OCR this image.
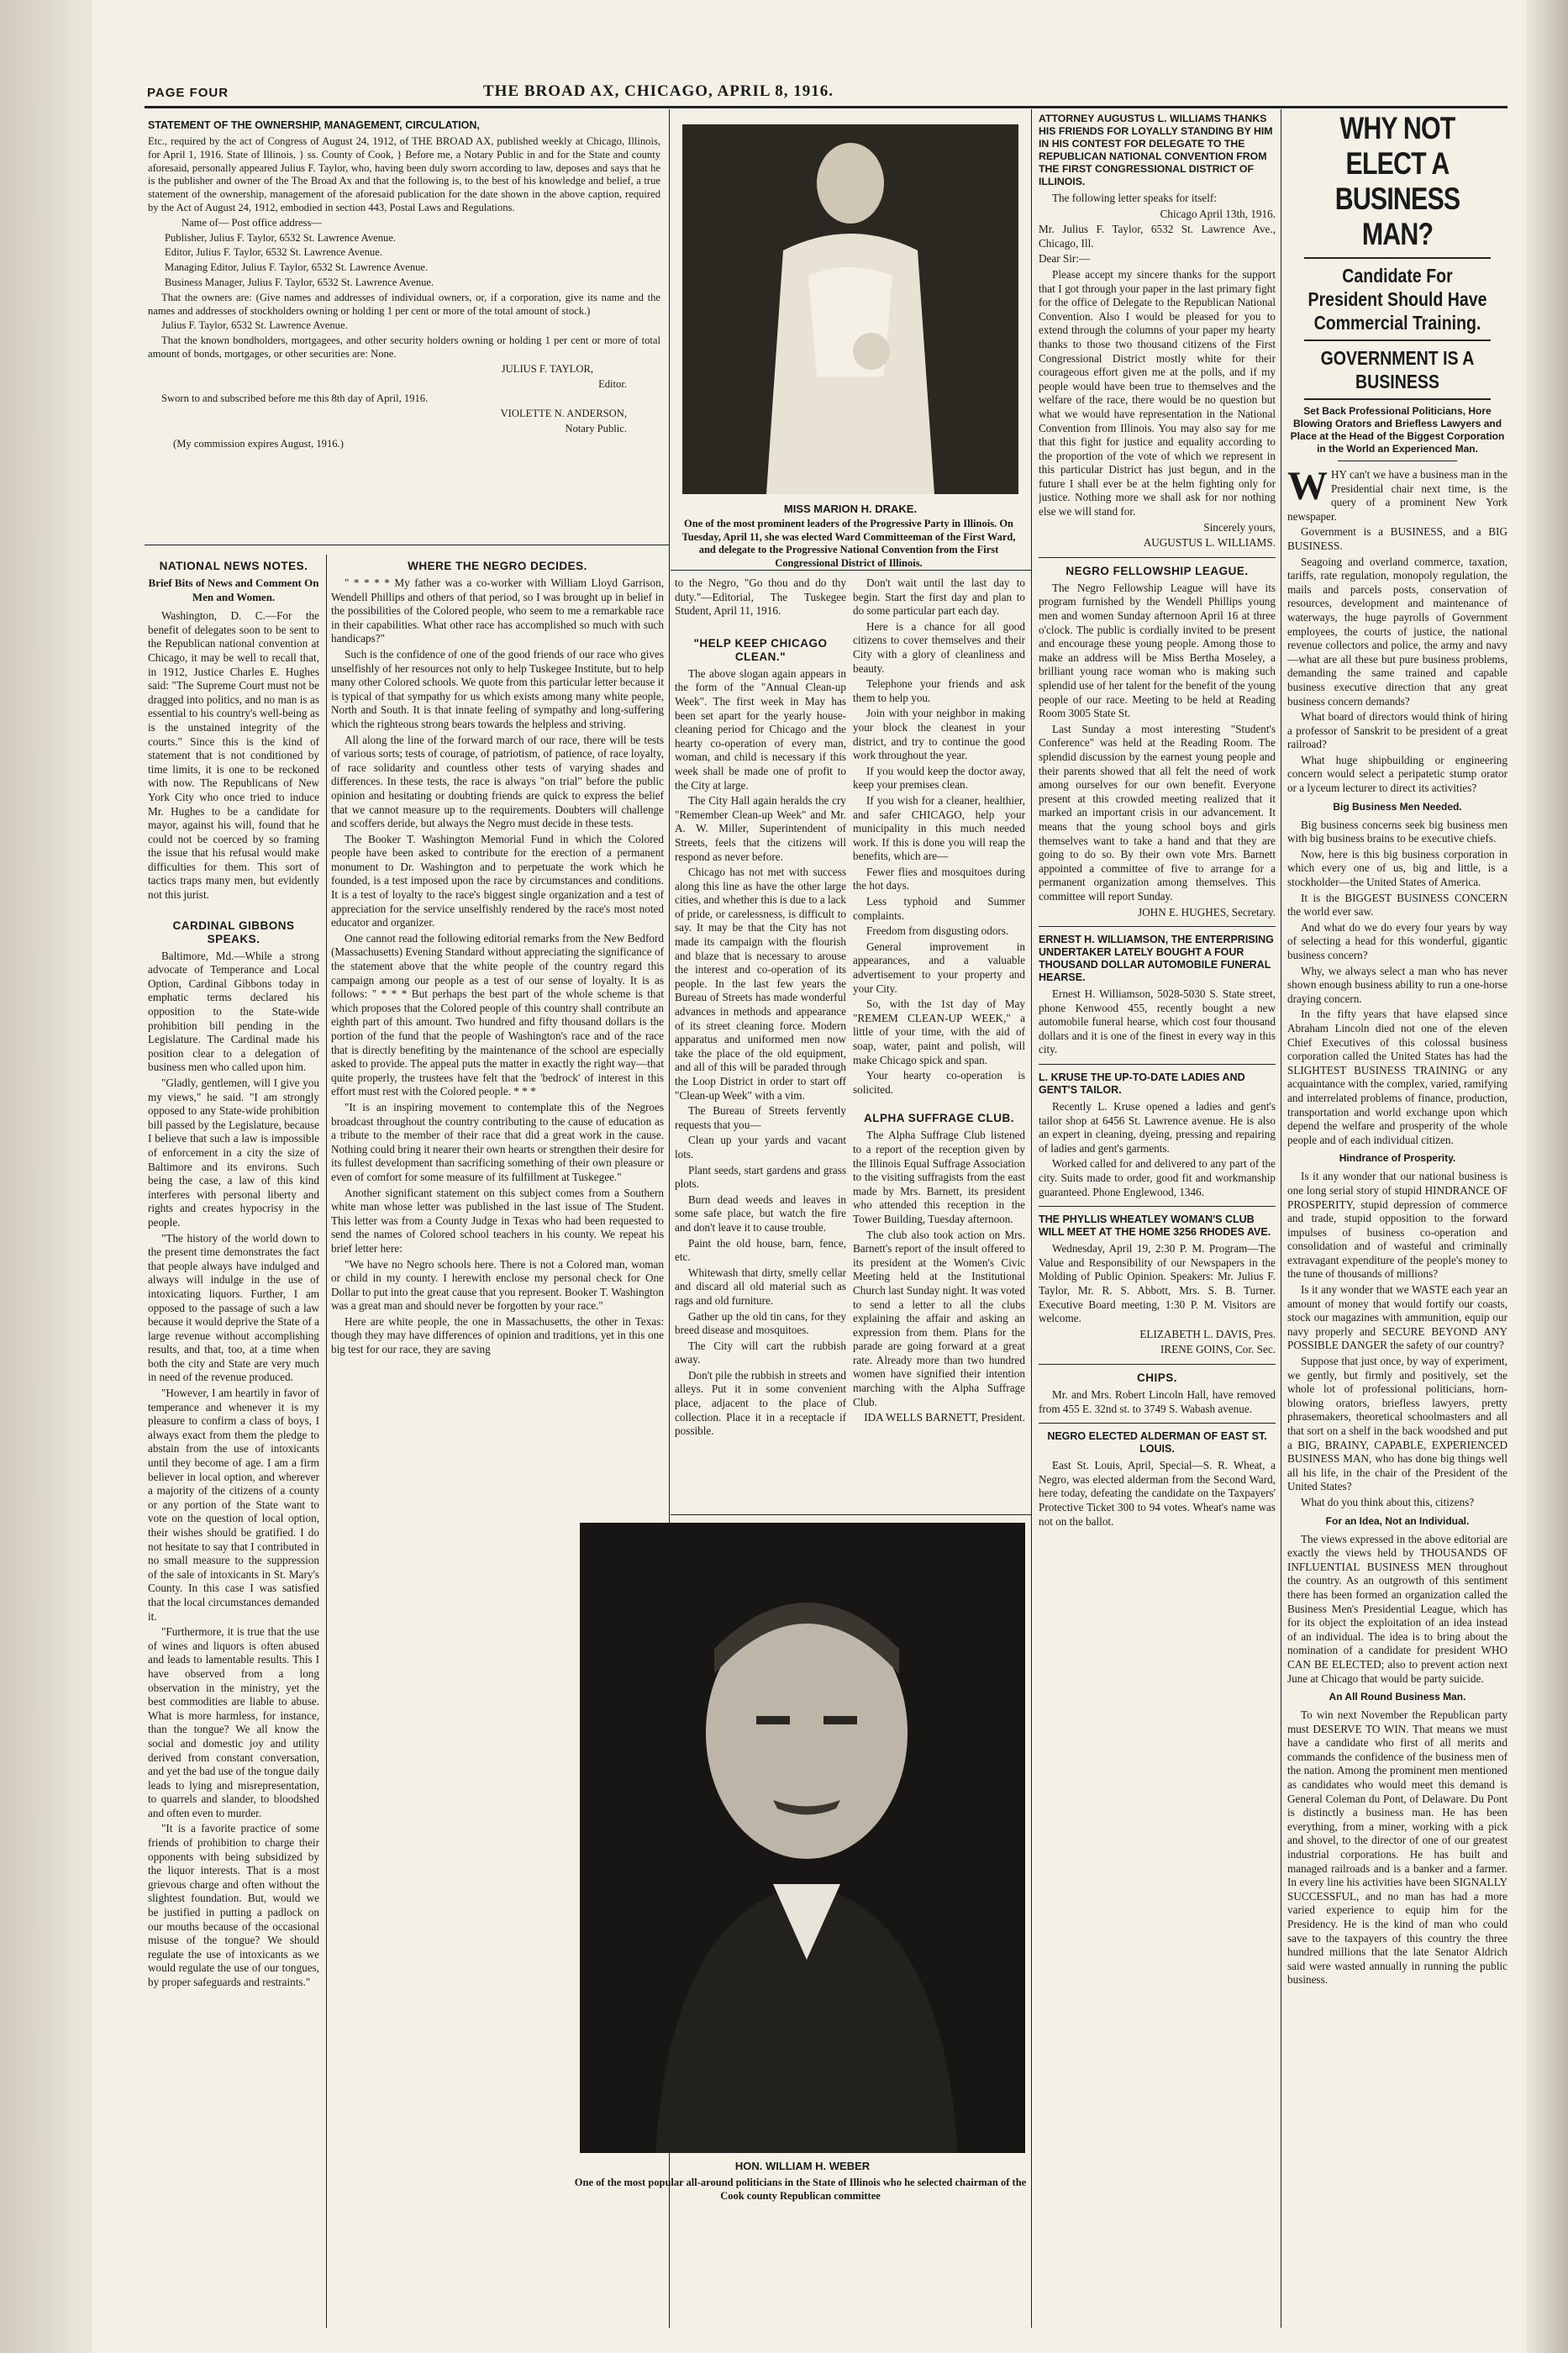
PAGE FOUR	THE BROAD AX, CHICAGO, APRIL 8, 1916.
STATEMENT OF THE OWNERSHIP, MANAGEMENT, CIRCULATION,

Etc., required by the act of Congress of August 24, 1912, of THE BROAD AX, published weekly at Chicago, Illinois, for April 1, 1916. State of Illinois, } ss. County of Cook, } Before me, a Notary Public in and for the State and county aforesaid, personally appeared Julius F. Taylor, who, having been duly sworn according to law, deposes and says that he is the publisher and owner of the The Broad Ax and that the following is, to the best of his knowledge and belief, a true statement of the ownership, management of the aforesaid publication for the date shown in the above caption, required by the Act of August 24, 1912, embodied in section 443, Postal Laws and Regulations.

Name of— Post office address—

Publisher, Julius F. Taylor, 6532 St. Lawrence Avenue.

Editor, Julius F. Taylor, 6532 St. Lawrence Avenue.

Managing Editor, Julius F. Taylor, 6532 St. Lawrence Avenue.

Business Manager, Julius F. Taylor, 6532 St. Lawrence Avenue.

That the owners are: (Give names and addresses of individual owners, or, if a corporation, give its name and the names and addresses of stockholders owning or holding 1 per cent or more of the total amount of stock.)

Julius F. Taylor, 6532 St. Lawrence Avenue.

That the known bondholders, mortgagees, and other security holders owning or holding 1 per cent or more of total amount of bonds, mortgages, or other securities are: None.

JULIUS F. TAYLOR,
Editor.

Sworn to and subscribed before me this 8th day of April, 1916.

VIOLETTE N. ANDERSON,
Notary Public.

(My commission expires August, 1916.)

NATIONAL NEWS NOTES.
Brief Bits of News and Comment On Men and Women.

Washington, D. C.—For the benefit of delegates soon to be sent to the Republican national convention at Chicago, it may be well to recall that, in 1912, Justice Charles E. Hughes said: "The Supreme Court must not be dragged into politics, and no man is as essential to his country's well-being as is the unstained integrity of the courts." Since this is the kind of statement that is not conditioned by time limits, it is one to be reckoned with now. The Republicans of New York City who once tried to induce Mr. Hughes to be a candidate for mayor, against his will, found that he could not be coerced by so framing the issue that his refusal would make difficulties for them. This sort of tactics traps many men, but evidently not this jurist.

CARDINAL GIBBONS SPEAKS.

Baltimore, Md.—While a strong advocate of Temperance and Local Option, Cardinal Gibbons today in emphatic terms declared his opposition to the State-wide prohibition bill pending in the Legislature. The Cardinal made his position clear to a delegation of business men who called upon him.

"Gladly, gentlemen, will I give you my views," he said. "I am strongly opposed to any State-wide prohibition bill passed by the Legislature, because I believe that such a law is impossible of enforcement in a city the size of Baltimore and its environs. Such being the case, a law of this kind interferes with personal liberty and rights and creates hypocrisy in the people.

"The history of the world down to the present time demonstrates the fact that people always have indulged and always will indulge in the use of intoxicating liquors. Further, I am opposed to the passage of such a law because it would deprive the State of a large revenue without accomplishing results, and that, too, at a time when both the city and State are very much in need of the revenue produced.

"However, I am heartily in favor of temperance and whenever it is my pleasure to confirm a class of boys, I always exact from them the pledge to abstain from the use of intoxicants until they become of age. I am a firm believer in local option, and wherever a majority of the citizens of a county or any portion of the State want to vote on the question of local option, their wishes should be gratified. I do not hesitate to say that I contributed in no small measure to the suppression of the sale of intoxicants in St. Mary's County. In this case I was satisfied that the local circumstances demanded it.

"Furthermore, it is true that the use of wines and liquors is often abused and leads to lamentable results. This I have observed from a long observation in the ministry, yet the best commodities are liable to abuse. What is more harmless, for instance, than the tongue? We all know the social and domestic joy and utility derived from constant conversation, and yet the bad use of the tongue daily leads to lying and misrepresentation, to quarrels and slander, to bloodshed and often even to murder.

"It is a favorite practice of some friends of prohibition to charge their opponents with being subsidized by the liquor interests. That is a most grievous charge and often without the slightest foundation. But, would we be justified in putting a padlock on our mouths because of the occasional misuse of the tongue? We should regulate the use of intoxicants as we would regulate the use of our tongues, by proper safeguards and restraints."

WHERE THE NEGRO DECIDES.

" * * * * My father was a co-worker with William Lloyd Garrison, Wendell Phillips and others of that period, so I was brought up in belief in the possibilities of the Colored people, who seem to me a remarkable race in their capabilities. What other race has accomplished so much with such handicaps?"

Such is the confidence of one of the good friends of our race who gives unselfishly of her resources not only to help Tuskegee Institute, but to help many other Colored schools. We quote from this particular letter because it is typical of that sympathy for us which exists among many white people, North and South. It is that innate feeling of sympathy and long-suffering which the righteous strong bears towards the helpless and striving.

All along the line of the forward march of our race, there will be tests of various sorts; tests of courage, of patriotism, of patience, of race loyalty, of race solidarity and countless other tests of varying shades and differences. In these tests, the race is always "on trial" before the public opinion and hesitating or doubting friends are quick to express the belief that we cannot measure up to the requirements. Doubters will challenge and scoffers deride, but always the Negro must decide in these tests.

The Booker T. Washington Memorial Fund in which the Colored people have been asked to contribute for the erection of a permanent monument to Dr. Washington and to perpetuate the work which he founded, is a test imposed upon the race by circumstances and conditions. It is a test of loyalty to the race's biggest single organization and a test of appreciation for the service unselfishly rendered by the race's most noted educator and organizer.

One cannot read the following editorial remarks from the New Bedford (Massachusetts) Evening Standard without appreciating the significance of the statement above that the white people of the country regard this campaign among our people as a test of our sense of loyalty. It is as follows: " * * * But perhaps the best part of the whole scheme is that which proposes that the Colored people of this country shall contribute an eighth part of this amount. Two hundred and fifty thousand dollars is the portion of the fund that the people of Washington's race and of the race that is directly benefiting by the maintenance of the school are especially asked to provide. The appeal puts the matter in exactly the right way—that quite properly, the trustees have felt that the 'bedrock' of interest in this effort must rest with the Colored people. * * *

"It is an inspiring movement to contemplate this of the Negroes broadcast throughout the country contributing to the cause of education as a tribute to the member of their race that did a great work in the cause. Nothing could bring it nearer their own hearts or strengthen their desire for its fullest development than sacrificing something of their own pleasure or even of comfort for some measure of its fulfillment at Tuskegee."

Another significant statement on this subject comes from a Southern white man whose letter was published in the last issue of The Student. This letter was from a County Judge in Texas who had been requested to send the names of Colored school teachers in his county. We repeat his brief letter here:

"We have no Negro schools here. There is not a Colored man, woman or child in my county. I herewith enclose my personal check for One Dollar to put into the great cause that you represent. Booker T. Washington was a great man and should never be forgotten by your race."

Here are white people, the one in Massachusetts, the other in Texas: though they may have differences of opinion and traditions, yet in this one big test for our race, they are saving

MISS MARION H. DRAKE.

One of the most prominent leaders of the Progressive Party in Illinois. On Tuesday, April 11, she was elected Ward Committeeman of the First Ward, and delegate to the Progressive National Convention from the First Congressional District of Illinois.

to the Negro, "Go thou and do thy duty."—Editorial, The Tuskegee Student, April 11, 1916.

"HELP KEEP CHICAGO CLEAN."

The above slogan again appears in the form of the "Annual Clean-up Week". The first week in May has been set apart for the yearly house-cleaning period for Chicago and the hearty co-operation of every man, woman, and child is necessary if this week shall be made one of profit to the City at large.

The City Hall again heralds the cry "Remember Clean-up Week" and Mr. A. W. Miller, Superintendent of Streets, feels that the citizens will respond as never before.

Chicago has not met with success along this line as have the other large cities, and whether this is due to a lack of pride, or carelessness, is difficult to say. It may be that the City has not made its campaign with the flourish and blaze that is necessary to arouse the interest and co-operation of its people. In the last few years the Bureau of Streets has made wonderful advances in methods and appearance of its street cleaning force. Modern apparatus and uniformed men now take the place of the old equipment, and all of this will be paraded through the Loop District in order to start off "Clean-up Week" with a vim.

The Bureau of Streets fervently requests that you—

Clean up your yards and vacant lots.

Plant seeds, start gardens and grass plots.

Burn dead weeds and leaves in some safe place, but watch the fire and don't leave it to cause trouble.

Paint the old house, barn, fence, etc.

Whitewash that dirty, smelly cellar and discard all old material such as rags and old furniture.

Gather up the old tin cans, for they breed disease and mosquitoes.

The City will cart the rubbish away.

Don't pile the rubbish in streets and alleys. Put it in some convenient place, adjacent to the place of collection. Place it in a receptacle if possible.

Don't wait until the last day to begin. Start the first day and plan to do some particular part each day.

Here is a chance for all good citizens to cover themselves and their City with a glory of cleanliness and beauty.

Telephone your friends and ask them to help you.

Join with your neighbor in making your block the cleanest in your district, and try to continue the good work throughout the year.

If you would keep the doctor away, keep your premises clean.

If you wish for a cleaner, healthier, and safer CHICAGO, help your municipality in this much needed work. If this is done you will reap the benefits, which are—

Fewer flies and mosquitoes during the hot days.

Less typhoid and Summer complaints.

Freedom from disgusting odors.

General improvement in appearances, and a valuable advertisement to your property and your City.

So, with the 1st day of May "REMEM CLEAN-UP WEEK," a little of your time, with the aid of soap, water, paint and polish, will make Chicago spick and span.

Your hearty co-operation is solicited.

ALPHA SUFFRAGE CLUB.

The Alpha Suffrage Club listened to a report of the reception given by the Illinois Equal Suffrage Association to the visiting suffragists from the east made by Mrs. Barnett, its president who attended this reception in the Tower Building, Tuesday afternoon.

The club also took action on Mrs. Barnett's report of the insult offered to its president at the Women's Civic Meeting held at the Institutional Church last Sunday night. It was voted to send a letter to all the clubs explaining the affair and asking an expression from them. Plans for the parade are going forward at a great rate. Already more than two hundred women have signified their intention marching with the Alpha Suffrage Club.

IDA WELLS BARNETT, President.
HON. WILLIAM H. WEBER

One of the most popular all-around politicians in the State of Illinois who he selected chairman of the Cook county Republican committee

ATTORNEY AUGUSTUS L. WILLIAMS THANKS HIS FRIENDS FOR LOYALLY STANDING BY HIM IN HIS CONTEST FOR DELEGATE TO THE REPUBLICAN NATIONAL CONVENTION FROM THE FIRST CONGRESSIONAL DISTRICT OF ILLINOIS.

The following letter speaks for itself:

Chicago April 13th, 1916.

Mr. Julius F. Taylor, 6532 St. Lawrence Ave., Chicago, Ill.

Dear Sir:—

Please accept my sincere thanks for the support that I got through your paper in the last primary fight for the office of Delegate to the Republican National Convention. Also I would be pleased for you to extend through the columns of your paper my hearty thanks to those two thousand citizens of the First Congressional District mostly white for their courageous effort given me at the polls, and if my people would have been true to themselves and the welfare of the race, there would be no question but what we would have representation in the National Convention from Illinois. You may also say for me that this fight for justice and equality according to the proportion of the vote of which we represent in this particular District has just begun, and in the future I shall ever be at the helm fighting only for justice. Nothing more we shall ask for nor nothing else we will stand for.

Sincerely yours,
AUGUSTUS L. WILLIAMS.
NEGRO FELLOWSHIP LEAGUE.

The Negro Fellowship League will have its program furnished by the Wendell Phillips young men and women Sunday afternoon April 16 at three o'clock. The public is cordially invited to be present and encourage these young people. Among those to make an address will be Miss Bertha Moseley, a brilliant young race woman who is making such splendid use of her talent for the benefit of the young people of our race. Meeting to be held at Reading Room 3005 State St.

Last Sunday a most interesting "Student's Conference" was held at the Reading Room. The splendid discussion by the earnest young people and their parents showed that all felt the need of work among ourselves for our own benefit. Everyone present at this crowded meeting realized that it marked an important crisis in our advancement. It means that the young school boys and girls themselves want to take a hand and that they are going to do so. By their own vote Mrs. Barnett appointed a committee of five to arrange for a permanent organization among themselves. This committee will report Sunday.

JOHN E. HUGHES, Secretary.
ERNEST H. WILLIAMSON, THE ENTERPRISING UNDERTAKER LATELY BOUGHT A FOUR THOUSAND DOLLAR AUTOMOBILE FUNERAL HEARSE.

Ernest H. Williamson, 5028-5030 S. State street, phone Kenwood 455, recently bought a new automobile funeral hearse, which cost four thousand dollars and it is one of the finest in every way in this city.

L. KRUSE THE UP-TO-DATE LADIES AND GENT'S TAILOR.

Recently L. Kruse opened a ladies and gent's tailor shop at 6456 St. Lawrence avenue. He is also an expert in cleaning, dyeing, pressing and repairing of ladies and gent's garments.

Worked called for and delivered to any part of the city. Suits made to order, good fit and workmanship guaranteed. Phone Englewood, 1346.

THE PHYLLIS WHEATLEY WOMAN'S CLUB WILL MEET AT THE HOME 3256 RHODES AVE.

Wednesday, April 19, 2:30 P. M. Program—The Value and Responsibility of our Newspapers in the Molding of Public Opinion. Speakers: Mr. Julius F. Taylor, Mr. R. S. Abbott, Mrs. S. B. Turner. Executive Board meeting, 1:30 P. M. Visitors are welcome.

ELIZABETH L. DAVIS, Pres.
IRENE GOINS, Cor. Sec.
CHIPS.

Mr. and Mrs. Robert Lincoln Hall, have removed from 455 E. 32nd st. to 3749 S. Wabash avenue.

NEGRO ELECTED ALDERMAN OF EAST ST. LOUIS.

East St. Louis, April, Special—S. R. Wheat, a Negro, was elected alderman from the Second Ward, here today, defeating the candidate on the Taxpayers' Protective Ticket 300 to 94 votes. Wheat's name was not on the ballot.

WHY NOT ELECT A
BUSINESS MAN?
Candidate For President Should Have Commercial Training.
GOVERNMENT IS A BUSINESS
Set Back Professional Politicians, Hore Blowing Orators and Briefless Lawyers and Place at the Head of the Biggest Corporation in the World an Experienced Man.

WHY can't we have a business man in the Presidential chair next time, is the query of a prominent New York newspaper.

Government is a BUSINESS, and a BIG BUSINESS.

Seagoing and overland commerce, taxation, tariffs, rate regulation, monopoly regulation, the mails and parcels posts, conservation of resources, development and maintenance of waterways, the huge payrolls of Government employees, the courts of justice, the national revenue collectors and police, the army and navy—what are all these but pure business problems, demanding the same trained and capable business executive direction that any great business concern demands?

What board of directors would think of hiring a professor of Sanskrit to be president of a great railroad?

What huge shipbuilding or engineering concern would select a peripatetic stump orator or a lyceum lecturer to direct its activities?

Big Business Men Needed.

Big business concerns seek big business men with big business brains to be executive chiefs.

Now, here is this big business corporation in which every one of us, big and little, is a stockholder—the United States of America.

It is the BIGGEST BUSINESS CONCERN the world ever saw.

And what do we do every four years by way of selecting a head for this wonderful, gigantic business concern?

Why, we always select a man who has never shown enough business ability to run a one-horse draying concern.

In the fifty years that have elapsed since Abraham Lincoln died not one of the eleven Chief Executives of this colossal business corporation called the United States has had the SLIGHTEST BUSINESS TRAINING or any acquaintance with the complex, varied, ramifying and interrelated problems of finance, production, transportation and world exchange upon which depend the welfare and prosperity of the whole people and of each individual citizen.

Hindrance of Prosperity.

Is it any wonder that our national business is one long serial story of stupid HINDRANCE OF PROSPERITY, stupid depression of commerce and trade, stupid opposition to the forward impulses of business co-operation and consolidation and of wasteful and criminally extravagant expenditure of the people's money to the tune of thousands of millions?

Is it any wonder that we WASTE each year an amount of money that would fortify our coasts, stock our magazines with ammunition, equip our navy properly and SECURE BEYOND ANY POSSIBLE DANGER the safety of our country?

Suppose that just once, by way of experiment, we gently, but firmly and positively, set the whole lot of professional politicians, horn-blowing orators, briefless lawyers, pretty phrasemakers, theoretical schoolmasters and all that sort on a shelf in the back woodshed and put a BIG, BRAINY, CAPABLE, EXPERIENCED BUSINESS MAN, who has done big things well all his life, in the chair of the President of the United States?

What do you think about this, citizens?

For an Idea, Not an Individual.

The views expressed in the above editorial are exactly the views held by THOUSANDS OF INFLUENTIAL BUSINESS MEN throughout the country. As an outgrowth of this sentiment there has been formed an organization called the Business Men's Presidential League, which has for its object the exploitation of an idea instead of an individual. The idea is to bring about the nomination of a candidate for president WHO CAN BE ELECTED; also to prevent action next June at Chicago that would be party suicide.

An All Round Business Man.

To win next November the Republican party must DESERVE TO WIN. That means we must have a candidate who first of all merits and commands the confidence of the business men of the nation. Among the prominent men mentioned as candidates who would meet this demand is General Coleman du Pont, of Delaware. Du Pont is distinctly a business man. He has been everything, from a miner, working with a pick and shovel, to the director of one of our greatest industrial corporations. He has built and managed railroads and is a banker and a farmer. In every line his activities have been SIGNALLY SUCCESSFUL, and no man has had a more varied experience to equip him for the Presidency. He is the kind of man who could save to the taxpayers of this country the three hundred millions that the late Senator Aldrich said were wasted annually in running the public business.
